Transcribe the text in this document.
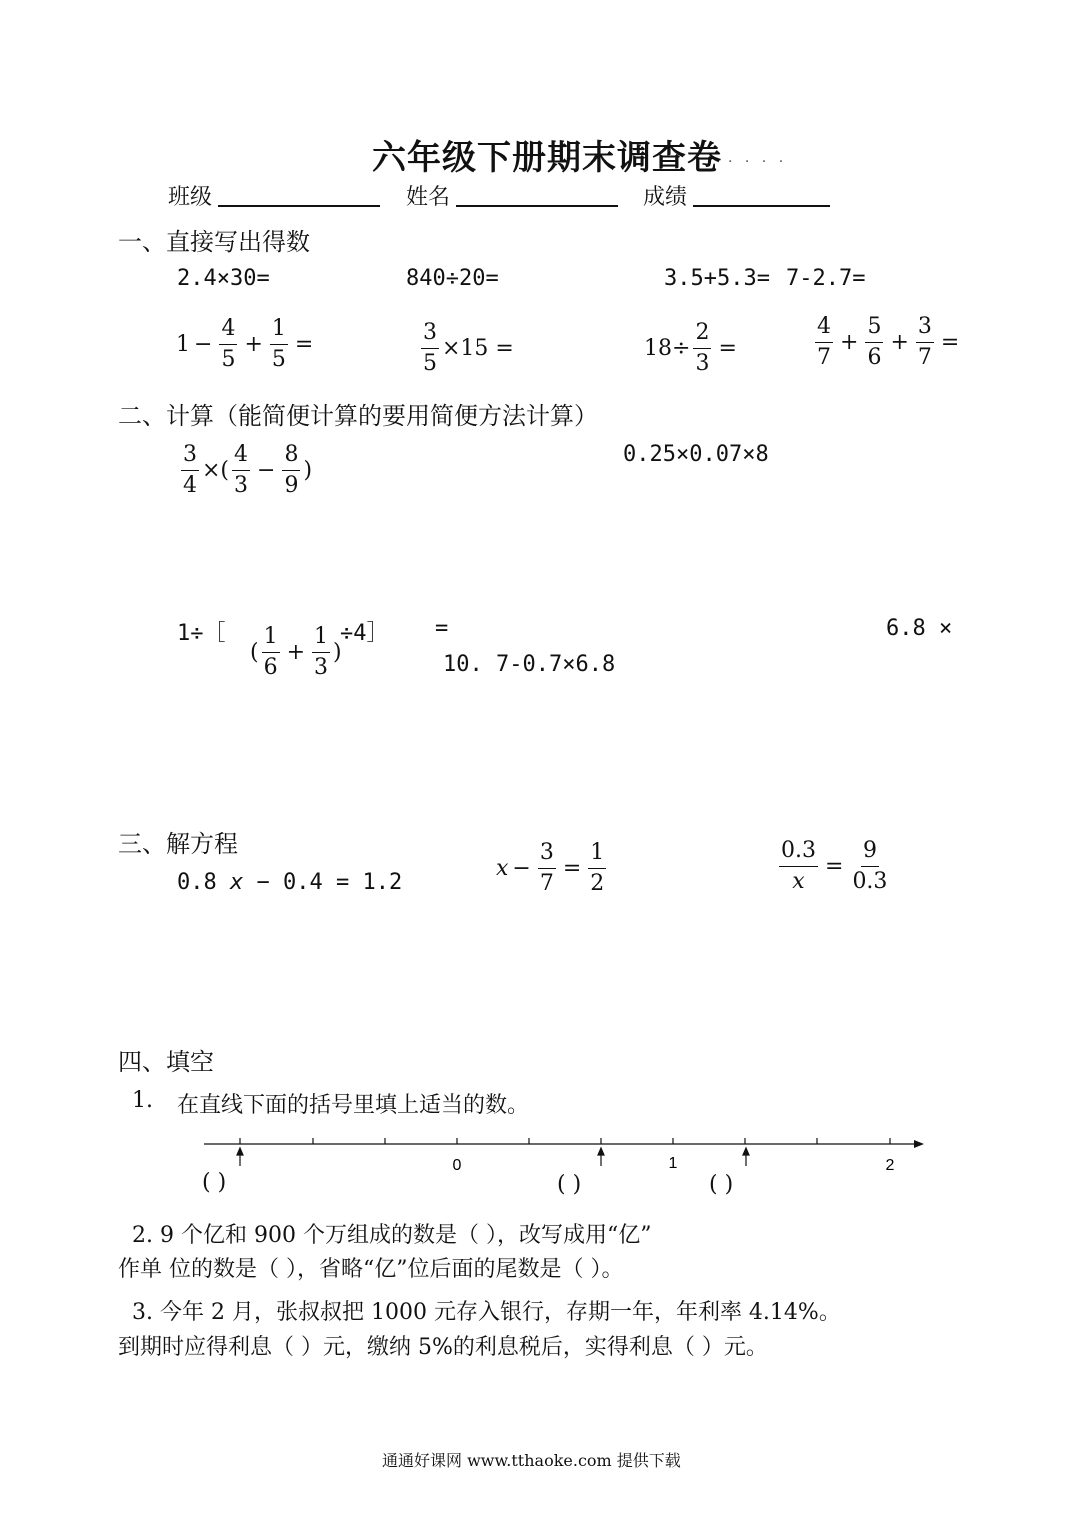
六年级下册期末调查卷 . . . .
班级	姓名	成绩
一、直接写出得数
2.4×30=	840÷20=	3.5+5.3= 7-2.7=
$1 - \frac{4}{5} + \frac{1}{5}$ =	$\frac{3}{5} \times 15$ =	$18\div \frac{2}{3}$ =	$\frac{4}{7} + \frac{5}{6} + \frac{3}{7}$ =
二、计算（能简便计算的要用简便方法计算）
$\frac{3}{4}$ ×( $\frac{4}{3} - \frac{8}{9}$ )
0.25×0.07×8
1÷［	÷4］
( $\frac{1}{6} + \frac{1}{3}$ )
=
10. 7-0.7×6.8
6.8 ×
三、解方程
0.8 x − 0.4 = 1.2
$x - \frac{3}{7} = \frac{1}{2}$	$\frac{0.3}{x} = \frac{9}{0.3}$
四、填空
1. 在直线下面的括号里填上适当的数。
0	1	2
( )	( )	( )
2. 9 个亿和 900 个万组成的数是（ ），改写成用“亿”
作单 位的数是（ ），省略“亿”位后面的尾数是（ ）。
3. 今年 2 月，张叔叔把 1000 元存入银行，存期一年，年利率 4.14%。
到期时应得利息（ ）元，缴纳 5%的利息税后，实得利息（ ）元。
通通好课网 www.tthaoke.com 提供下载
